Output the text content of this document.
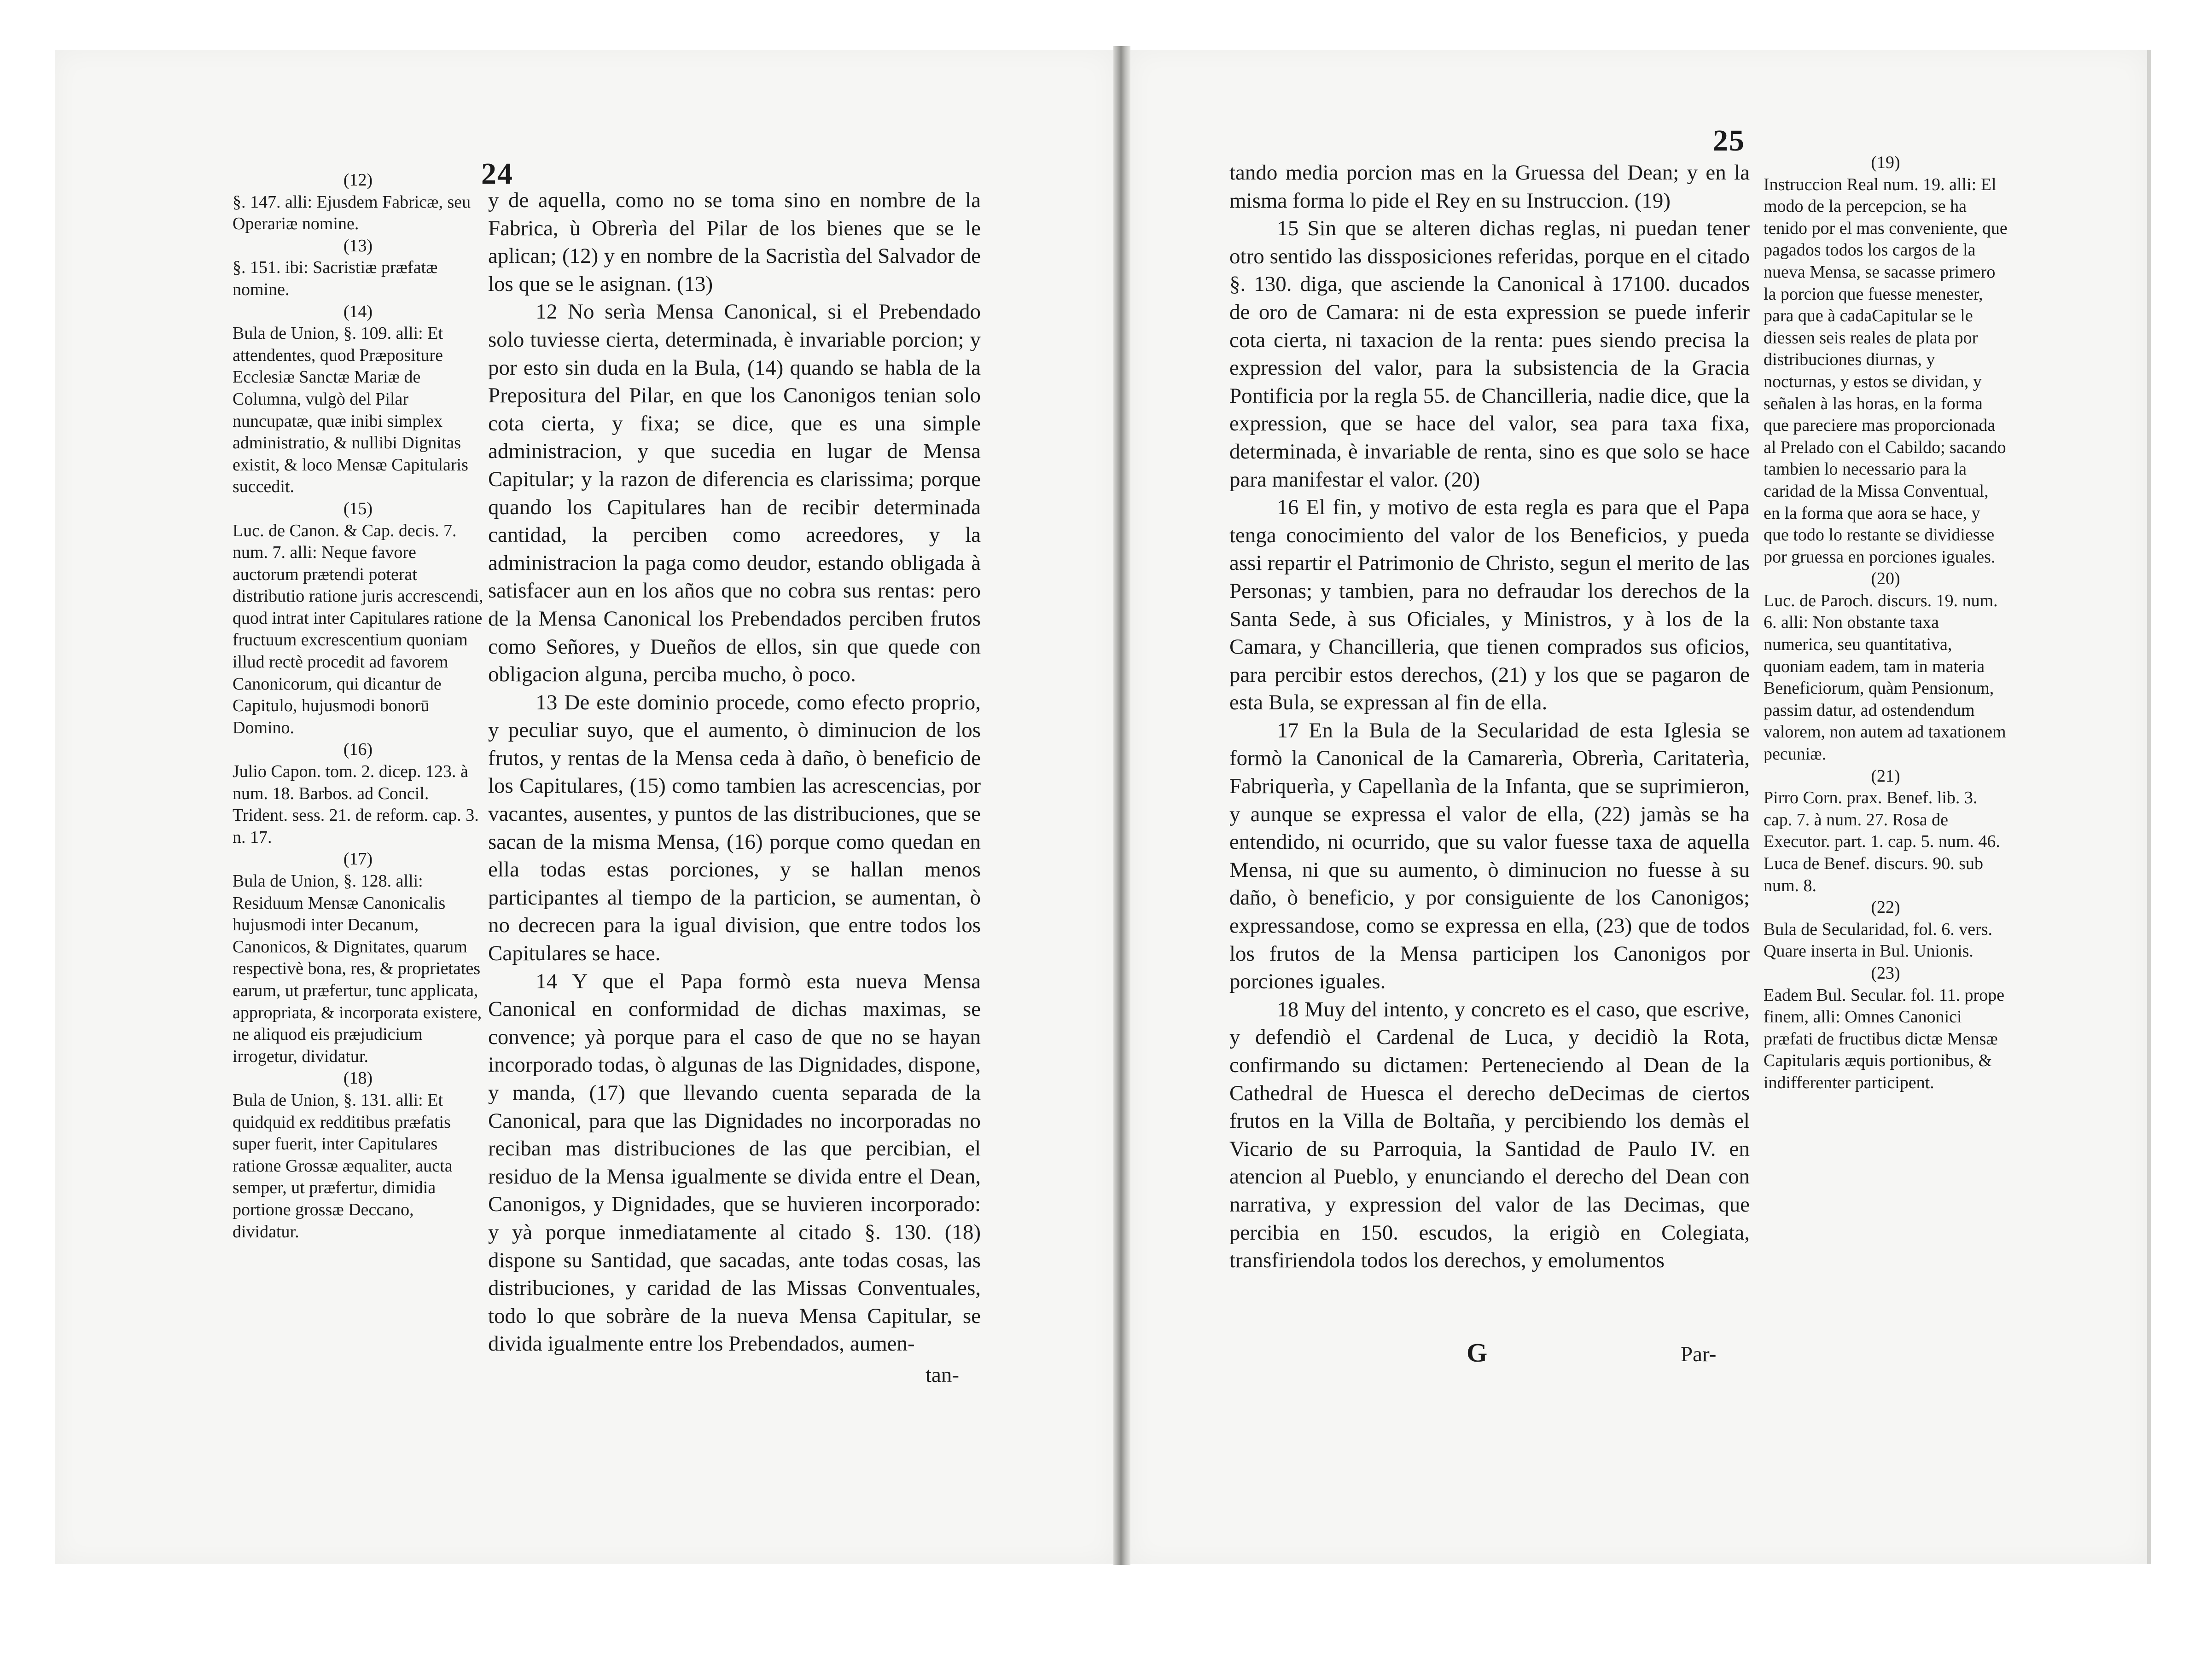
24
(12)
§. 147. alli: Ejusdem Fabricæ, seu Operariæ nomine.
(13)
§. 151. ibi: Sacristiæ præfatæ nomine.
(14)
Bula de Union, §. 109. alli: Et attendentes, quod Præpositure Ecclesiæ Sanctæ Mariæ de Columna, vulgò del Pilar nuncupatæ, quæ inibi simplex administratio, & nullibi Dignitas existit, & loco Mensæ Capitularis succedit.
(15)
Luc. de Canon. & Cap. decis. 7. num. 7. alli: Neque favore auctorum prætendi poterat distributio ratione juris accrescendi, quod intrat inter Capitulares ratione fructuum excrescentium quoniam illud rectè procedit ad favorem Canonicorum, qui dicantur de Capitulo, hujusmodi bonorū Domino.
(16)
Julio Capon. tom. 2. dicep. 123. à num. 18. Barbos. ad Concil. Trident. sess. 21. de reform. cap. 3. n. 17.
(17)
Bula de Union, §. 128. alli: Residuum Mensæ Canonicalis hujusmodi inter Decanum, Canonicos, & Dignitates, quarum respectivè bona, res, & proprietates earum, ut præfertur, tunc applicata, appropriata, & incorporata existere, ne aliquod eis præjudicium irrogetur, dividatur.
(18)
Bula de Union, §. 131. alli: Et quidquid ex redditibus præfatis super fuerit, inter Capitulares ratione Grossæ æqualiter, aucta semper, ut præfertur, dimidia portione grossæ Deccano, dividatur.

y de aquella, como no se toma sino en nombre de la Fabrica, ù Obrerìa del Pilar de los bienes que se le aplican; (12) y en nombre de la Sacristìa del Salvador de los que se le asignan. (13)

12 No serìa Mensa Canonical, si el Prebendado solo tuviesse cierta, determinada, è invariable porcion; y por esto sin duda en la Bula, (14) quando se habla de la Prepositura del Pilar, en que los Canonigos tenian solo cota cierta, y fixa; se dice, que es una simple administracion, y que sucedia en lugar de Mensa Capitular; y la razon de diferencia es clarissima; porque quando los Capitulares han de recibir determinada cantidad, la perciben como acreedores, y la administracion la paga como deudor, estando obligada à satisfacer aun en los años que no cobra sus rentas: pero de la Mensa Canonical los Prebendados perciben frutos como Señores, y Dueños de ellos, sin que quede con obligacion alguna, perciba mucho, ò poco.

13 De este dominio procede, como efecto proprio, y peculiar suyo, que el aumento, ò diminucion de los frutos, y rentas de la Mensa ceda à daño, ò beneficio de los Capitulares, (15) como tambien las acrescencias, por vacantes, ausentes, y puntos de las distribuciones, que se sacan de la misma Mensa, (16) porque como quedan en ella todas estas porciones, y se hallan menos participantes al tiempo de la particion, se aumentan, ò no decrecen para la igual division, que entre todos los Capitulares se hace.

14 Y que el Papa formò esta nueva Mensa Canonical en conformidad de dichas maximas, se convence; yà porque para el caso de que no se hayan incorporado todas, ò algunas de las Dignidades, dispone, y manda, (17) que llevando cuenta separada de la Canonical, para que las Dignidades no incorporadas no reciban mas distribuciones de las que percibian, el residuo de la Mensa igualmente se divida entre el Dean, Canonigos, y Dignidades, que se huvieren incorporado: y yà porque inmediatamente al citado §. 130. (18) dispone su Santidad, que sacadas, ante todas cosas, las distribuciones, y caridad de las Missas Conventuales, todo lo que sobràre de la nueva Mensa Capitular, se divida igualmente entre los Prebendados, aumen-

tan-
25

tando media porcion mas en la Gruessa del Dean; y en la misma forma lo pide el Rey en su Instruccion. (19)

15 Sin que se alteren dichas reglas, ni puedan tener otro sentido las dissposiciones referidas, porque en el citado §. 130. diga, que asciende la Canonical à 17100. ducados de oro de Camara: ni de esta expression se puede inferir cota cierta, ni taxacion de la renta: pues siendo precisa la expression del valor, para la subsistencia de la Gracia Pontificia por la regla 55. de Chancilleria, nadie dice, que la expression, que se hace del valor, sea para taxa fixa, determinada, è invariable de renta, sino es que solo se hace para manifestar el valor. (20)

16 El fin, y motivo de esta regla es para que el Papa tenga conocimiento del valor de los Beneficios, y pueda assi repartir el Patrimonio de Christo, segun el merito de las Personas; y tambien, para no defraudar los derechos de la Santa Sede, à sus Oficiales, y Ministros, y à los de la Camara, y Chancilleria, que tienen comprados sus oficios, para percibir estos derechos, (21) y los que se pagaron de esta Bula, se expressan al fin de ella.

17 En la Bula de la Secularidad de esta Iglesia se formò la Canonical de la Camarerìa, Obrerìa, Caritaterìa, Fabriquerìa, y Capellanìa de la Infanta, que se suprimieron, y aunque se expressa el valor de ella, (22) jamàs se ha entendido, ni ocurrido, que su valor fuesse taxa de aquella Mensa, ni que su aumento, ò diminucion no fuesse à su daño, ò beneficio, y por consiguiente de los Canonigos; expressandose, como se expressa en ella, (23) que de todos los frutos de la Mensa participen los Canonigos por porciones iguales.

18 Muy del intento, y concreto es el caso, que escrive, y defendiò el Cardenal de Luca, y decidiò la Rota, confirmando su dictamen: Perteneciendo al Dean de la Cathedral de Huesca el derecho deDecimas de ciertos frutos en la Villa de Boltaña, y percibiendo los demàs el Vicario de su Parroquia, la Santidad de Paulo IV. en atencion al Pueblo, y enunciando el derecho del Dean con narrativa, y expression del valor de las Decimas, que percibia en 150. escudos, la erigiò en Colegiata, transfiriendola todos los derechos, y emolumentos

(19)
Instruccion Real num. 19. alli: El modo de la percepcion, se ha tenido por el mas conveniente, que pagados todos los cargos de la nueva Mensa, se sacasse primero la porcion que fuesse menester, para que à cadaCapitular se le diessen seis reales de plata por distribuciones diurnas, y nocturnas, y estos se dividan, y señalen à las horas, en la forma que pareciere mas proporcionada al Prelado con el Cabildo; sacando tambien lo necessario para la caridad de la Missa Conventual, en la forma que aora se hace, y que todo lo restante se dividiesse por gruessa en porciones iguales.
(20)
Luc. de Paroch. discurs. 19. num. 6. alli: Non obstante taxa numerica, seu quantitativa, quoniam eadem, tam in materia Beneficiorum, quàm Pensionum, passim datur, ad ostendendum valorem, non autem ad taxationem pecuniæ.
(21)
Pirro Corn. prax. Benef. lib. 3. cap. 7. à num. 27. Rosa de Executor. part. 1. cap. 5. num. 46. Luca de Benef. discurs. 90. sub num. 8.
(22)
Bula de Secularidad, fol. 6. vers. Quare inserta in Bul. Unionis.
(23)
Eadem Bul. Secular. fol. 11. prope finem, alli: Omnes Canonici præfati de fructibus dictæ Mensæ Capitularis æquis portionibus, & indifferenter participent.
G	Par-
